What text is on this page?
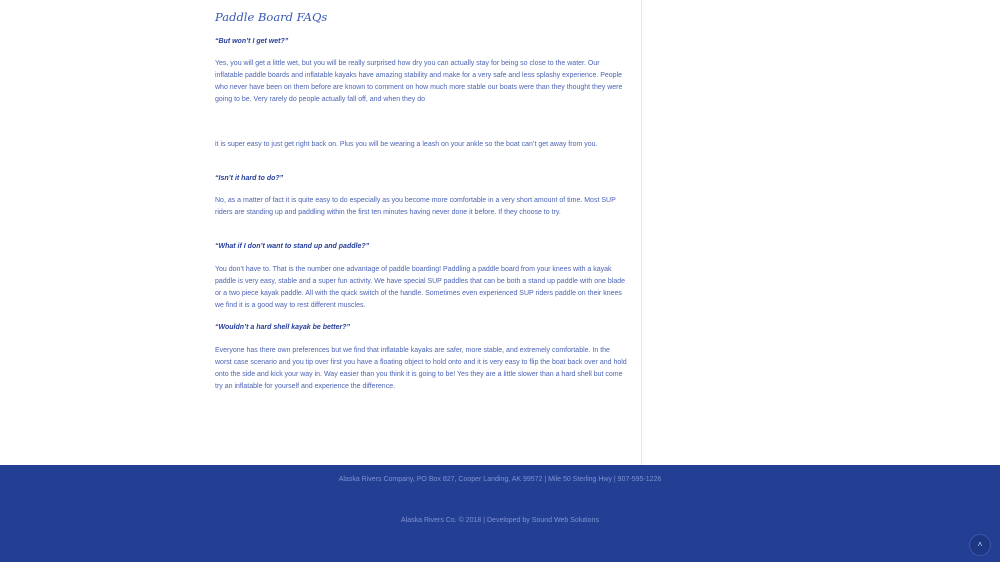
Paddle Board FAQs

“But won’t I get wet?”

Yes, you will get a little wet, but you will be really surprised how dry you can actually stay for being so close to the water. Our inflatable paddle boards and inflatable kayaks have amazing stability and make for a very safe and less splashy experience. People who never have been on them before are known to comment on how much more stable our boats were than they thought they were going to be. Very rarely do people actually fall off, and when they do

it is super easy to just get right back on. Plus you will be wearing a leash on your ankle so the boat can’t get away from you.

“Isn’t it hard to do?”

No, as a matter of fact it is quite easy to do especially as you become more comfortable in a very short amount of time. Most SUP riders are standing up and paddling within the first ten minutes having never done it before. If they choose to try.

“What if I don’t want to stand up and paddle?”

You don’t have to. That is the number one advantage of paddle boarding! Paddling a paddle board from your knees with a kayak paddle is very easy, stable and a super fun activity. We have special SUP paddles that can be both a stand up paddle with one blade or a two piece kayak paddle. All with the quick switch of the handle. Sometimes even experienced SUP riders paddle on their knees we find it is a good way to rest different muscles.

“Wouldn’t a hard shell kayak be better?”

Everyone has there own preferences but we find that inflatable kayaks are safer, more stable, and extremely comfortable. In the worst case scenario and you tip over first you have a floating object to hold onto and it is very easy to flip the boat back over and hold onto the side and kick your way in. Way easier than you think it is going to be! Yes they are a little slower than a hard shell but come try an inflatable for yourself and experience the difference.

Alaska Rivers Company, PO Box 827, Cooper Landing, AK 99572 | Mile 50 Sterling Hwy | 907-595-1226
Alaska Rivers Co. © 2018 | Developed by Sound Web Solutions
˄
